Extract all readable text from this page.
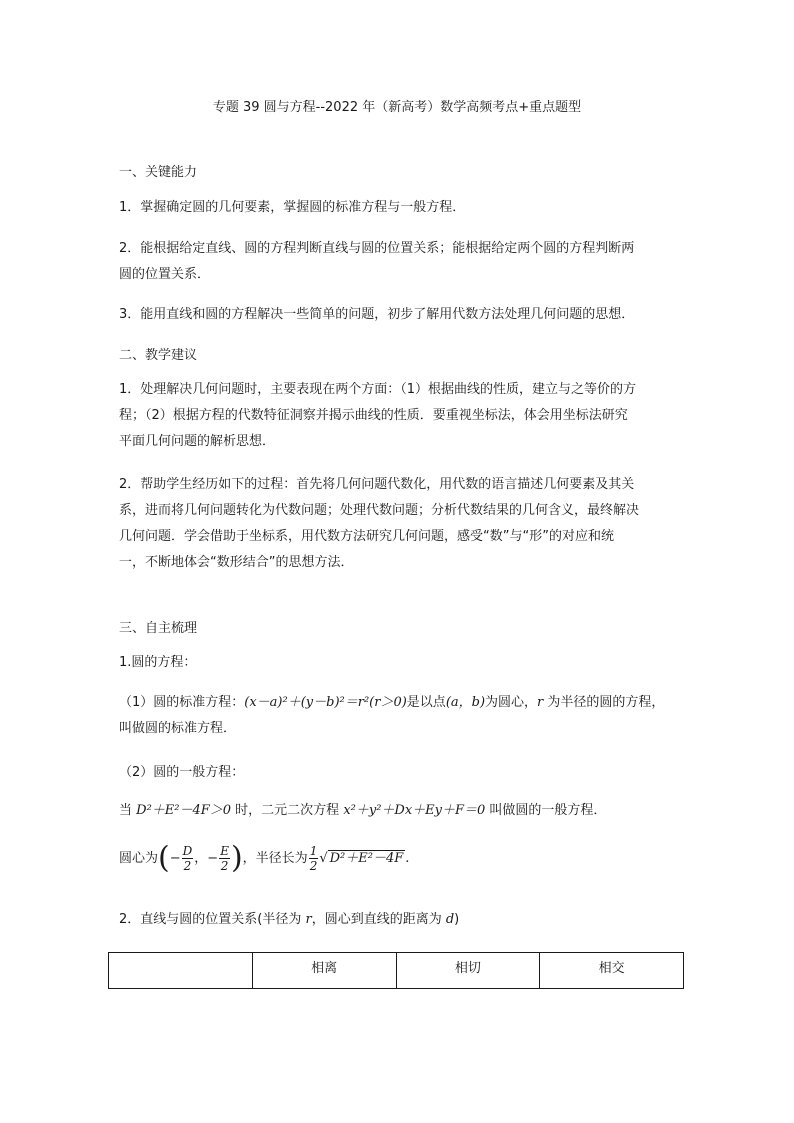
专题 39 圆与方程--2022 年（新高考）数学高频考点+重点题型

一、关键能力

1．掌握确定圆的几何要素，掌握圆的标准方程与一般方程．

2．能根据给定直线、圆的方程判断直线与圆的位置关系；能根据给定两个圆的方程判断两
圆的位置关系．

3．能用直线和圆的方程解决一些简单的问题，初步了解用代数方法处理几何问题的思想．

二、教学建议

1．处理解决几何问题时，主要表现在两个方面：（1）根据曲线的性质，建立与之等价的方
程；（2）根据方程的代数特征洞察并揭示曲线的性质．要重视坐标法，体会用坐标法研究
平面几何问题的解析思想．

2．帮助学生经历如下的过程：首先将几何问题代数化，用代数的语言描述几何要素及其关
系，进而将几何问题转化为代数问题；处理代数问题；分析代数结果的几何含义，最终解决
几何问题．学会借助于坐标系，用代数方法研究几何问题，感受“数”与“形”的对应和统
一，不断地体会“数形结合”的思想方法．

三、自主梳理

1.圆的方程：

（1）圆的标准方程：(x－a)²＋(y－b)²＝r²(r＞0)是以点(a，b)为圆心，r 为半径的圆的方程，
叫做圆的标准方程．

（2）圆的一般方程：

当 D²＋E²－4F＞0 时，二元二次方程 x²＋y²＋Dx＋Ey＋F＝0 叫做圆的一般方程．

圆心为(− $\frac{D}{2}$ ，− $\frac{E}{2}$ )，半径长为 $\frac{1}{2}$ √ D²＋E²－4F .

2．直线与圆的位置关系(半径为 r，圆心到直线的距离为 d)

	相离	相切	相交
